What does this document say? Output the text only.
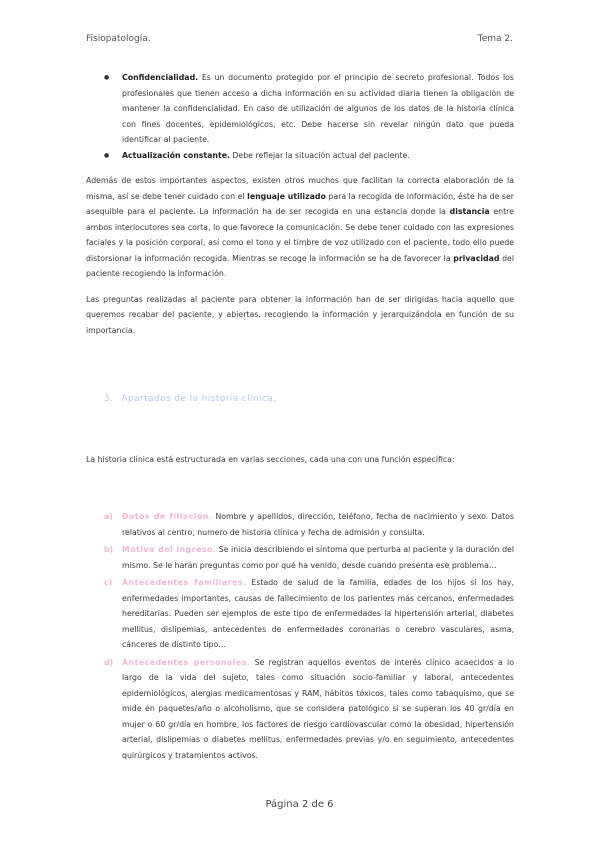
Fisiopatología.	Tema 2.
● Confidencialidad. Es un documento protegido por el principio de secreto profesional. Todos los profesionales que tienen acceso a dicha información en su actividad diaria tienen la obligación de mantener la confidencialidad. En caso de utilización de algunos de los datos de la historia clínica con fines docentes, epidemiológicos, etc. Debe hacerse sin revelar ningún dato que pueda identificar al paciente.
● Actualización constante. Debe reflejar la situación actual del paciente.

Además de estos importantes aspectos, existen otros muchos que facilitan la correcta elaboración de la misma, así se debe tener cuidado con el lenguaje utilizado para la recogida de información, éste ha de ser asequible para el paciente. La información ha de ser recogida en una estancia donde la distancia entre ambos interlocutores sea corta, lo que favorece la comunicación. Se debe tener cuidado con las expresiones faciales y la posición corporal, así como el tono y el timbre de voz utilizado con el paciente, todo ello puede distorsionar la información recogida. Mientras se recoge la información se ha de favorecer la privacidad del paciente recogiendo la información.

Las preguntas realizadas al paciente para obtener la información han de ser dirigidas hacia aquello que queremos recabar del paciente, y abiertas, recogiendo la información y jerarquizándola en función de su importancia.

3. Apartados de la historia clínica.

La historia clínica está estructurada en varias secciones, cada una con una función específica:

a) Datos de filiación. Nombre y apellidos, dirección, teléfono, fecha de nacimiento y sexo. Datos relativos al centro, numero de historia clínica y fecha de admisión y consulta.
b) Motivo del ingreso. Se inicia describiendo el síntoma que perturba al paciente y la duración del mismo. Se le harán preguntas como por qué ha venido, desde cuando presenta ese problema…
c) Antecedentes familiares. Estado de salud de la familia, edades de los hijos si los hay, enfermedades importantes, causas de fallecimiento de los parientes más cercanos, enfermedades hereditarias. Pueden ser ejemplos de este tipo de enfermedades la hipertensión arterial, diabetes mellitus, dislipemias, antecedentes de enfermedades coronarias o cerebro vasculares, asma, cánceres de distinto tipo…
d) Antecedentes personales. Se registran aquellos eventos de interés clínico acaecidos a lo largo de la vida del sujeto, tales como situación socio-familiar y laboral, antecedentes epidemiológicos, alergias medicamentosas y RAM, hábitos tóxicos, tales como tabaquismo, que se mide en paquetes/año o alcoholismo, que se considera patológico si se superan los 40 gr/día en mujer o 60 gr/día en hombre, los factores de riesgo cardiovascular como la obesidad, hipertensión arterial, dislipemias o diabetes mellitus, enfermedades previas y/o en seguimiento, antecedentes quirúrgicos y tratamientos activos.
Página 2 de 6
